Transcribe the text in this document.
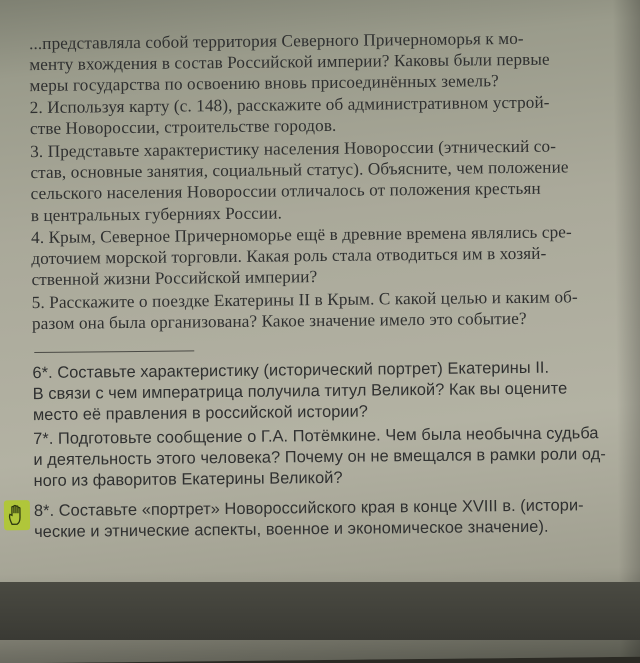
...представляла собой территория Северного Причерноморья к мо-
менту вхождения в состав Российской империи? Каковы были первые
меры государства по освоению вновь присоединённых земель?
2. Используя карту (с. 148), расскажите об административном устрой-
стве Новороссии, строительстве городов.
3. Представьте характеристику населения Новороссии (этнический со-
став, основные занятия, социальный статус). Объясните, чем положение
сельского населения Новороссии отличалось от положения крестьян
в центральных губерниях России.
4. Крым, Северное Причерноморье ещё в древние времена являлись сре-
доточием морской торговли. Какая роль стала отводиться им в хозяй-
ственной жизни Российской империи?
5. Расскажите о поездке Екатерины II в Крым. С какой целью и каким об-
разом она была организована? Какое значение имело это событие?
6*. Составьте характеристику (исторический портрет) Екатерины II.
В связи с чем императрица получила титул Великой? Как вы оцените
место её правления в российской истории?
7*. Подготовьте сообщение о Г.А. Потёмкине. Чем была необычна судьба
и деятельность этого человека? Почему он не вмещался в рамки роли од-
ного из фаворитов Екатерины Великой?
8*. Составьте «портрет» Новороссийского края в конце XVIII в. (истори-
ческие и этнические аспекты, военное и экономическое значение).
